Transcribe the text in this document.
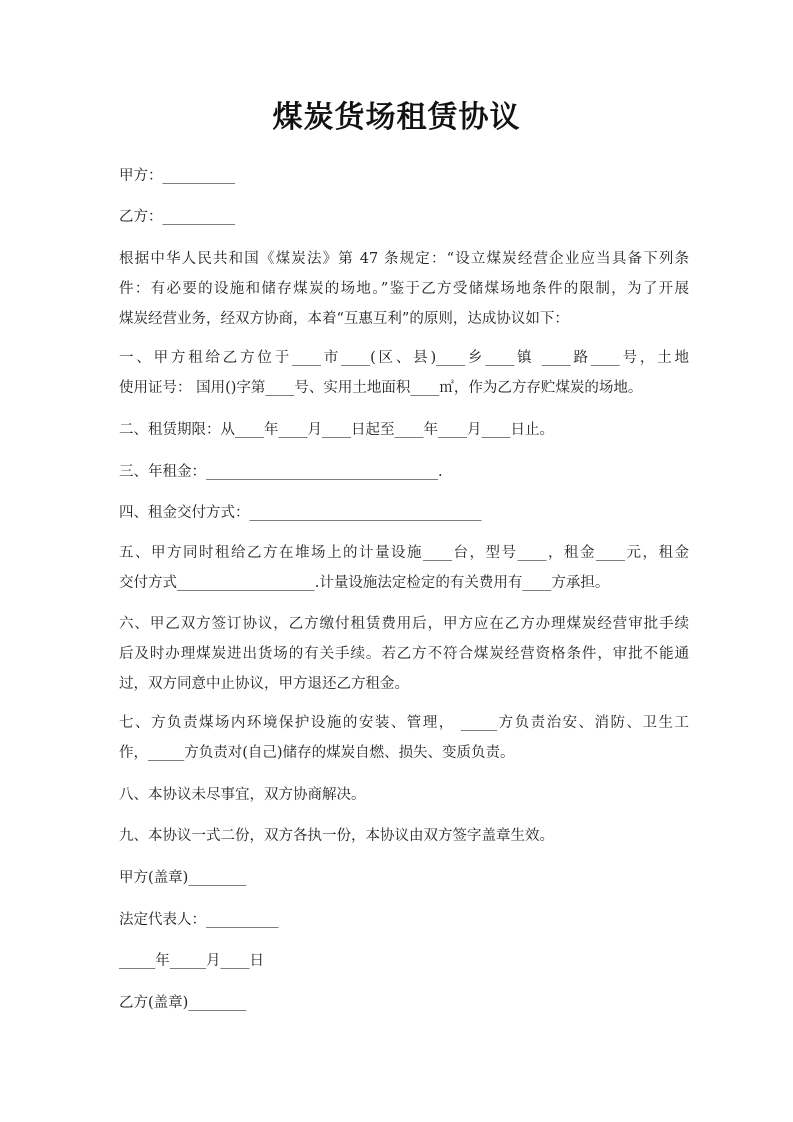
煤炭货场租赁协议
甲方：__________
乙方：__________
根据中华人民共和国《煤炭法》第 47 条规定：“设立煤炭经营企业应当具备下列条
件：有必要的设施和储存煤炭的场地。”鉴于乙方受储煤场地条件的限制，为了开展
煤炭经营业务，经双方协商，本着“互惠互利”的原则，达成协议如下：
一、甲方租给乙方位于____市____(区、县)____乡____镇 ____路____号，土地
使用证号： 国用()字第____号、实用土地面积____㎡，作为乙方存贮煤炭的场地。
二、租赁期限：从____年____月____日起至____年____月____日止。
三、年租金：________________________________.
四、租金交付方式：________________________________
五、甲方同时租给乙方在堆场上的计量设施____台，型号____，租金____元，租金
交付方式___________________.计量设施法定检定的有关费用有____方承担。
六、甲乙双方签订协议，乙方缴付租赁费用后，甲方应在乙方办理煤炭经营审批手续
后及时办理煤炭进出货场的有关手续。若乙方不符合煤炭经营资格条件，审批不能通
过，双方同意中止协议，甲方退还乙方租金。
七、方负责煤场内环境保护设施的安装、管理， _____方负责治安、消防、卫生工
作，_____方负责对(自己)储存的煤炭自燃、损失、变质负责。
八、本协议未尽事宜，双方协商解决。
九、本协议一式二份，双方各执一份，本协议由双方签字盖章生效。
甲方(盖章)________
法定代表人：__________
_____年_____月____日
乙方(盖章)________
